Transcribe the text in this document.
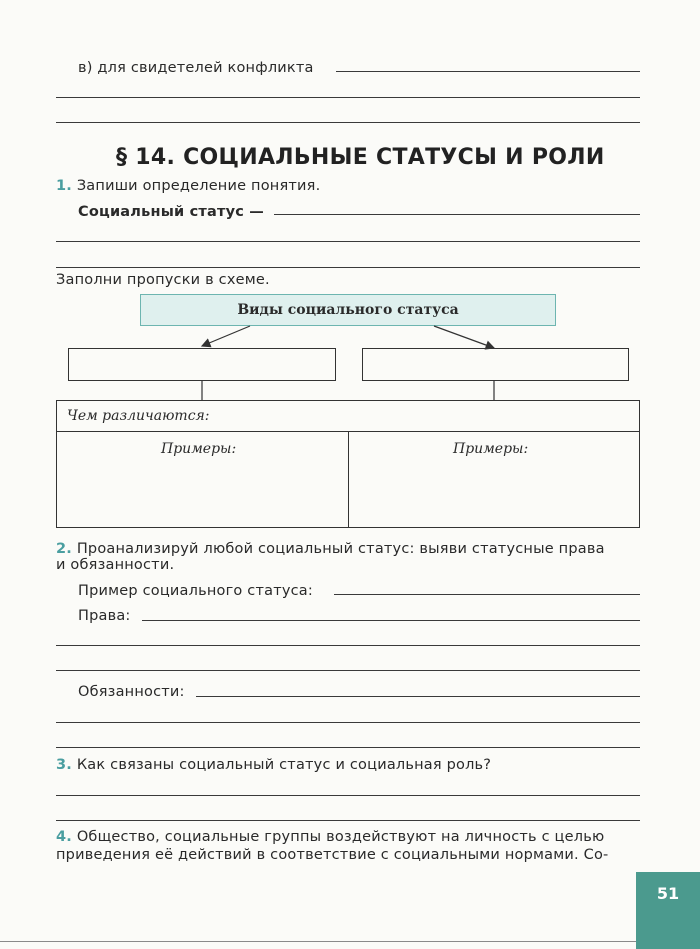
в) для свидетелей конфликта
§ 14. СОЦИАЛЬНЫЕ СТАТУСЫ И РОЛИ
1. Запиши определение понятия.
Социальный статус —
Заполни пропуски в схеме.
Виды социального статуса
Чем различаются:
Примеры:	Примеры:
2. Проанализируй любой социальный статус: выяви статусные права
и обязанности.
Пример социального статуса:
Права:
Обязанности:
3. Как связаны социальный статус и социальная роль?
4. Общество, социальные группы воздействуют на личность с целью
приведения её действий в соответствие с социальными нормами. Со-
51
